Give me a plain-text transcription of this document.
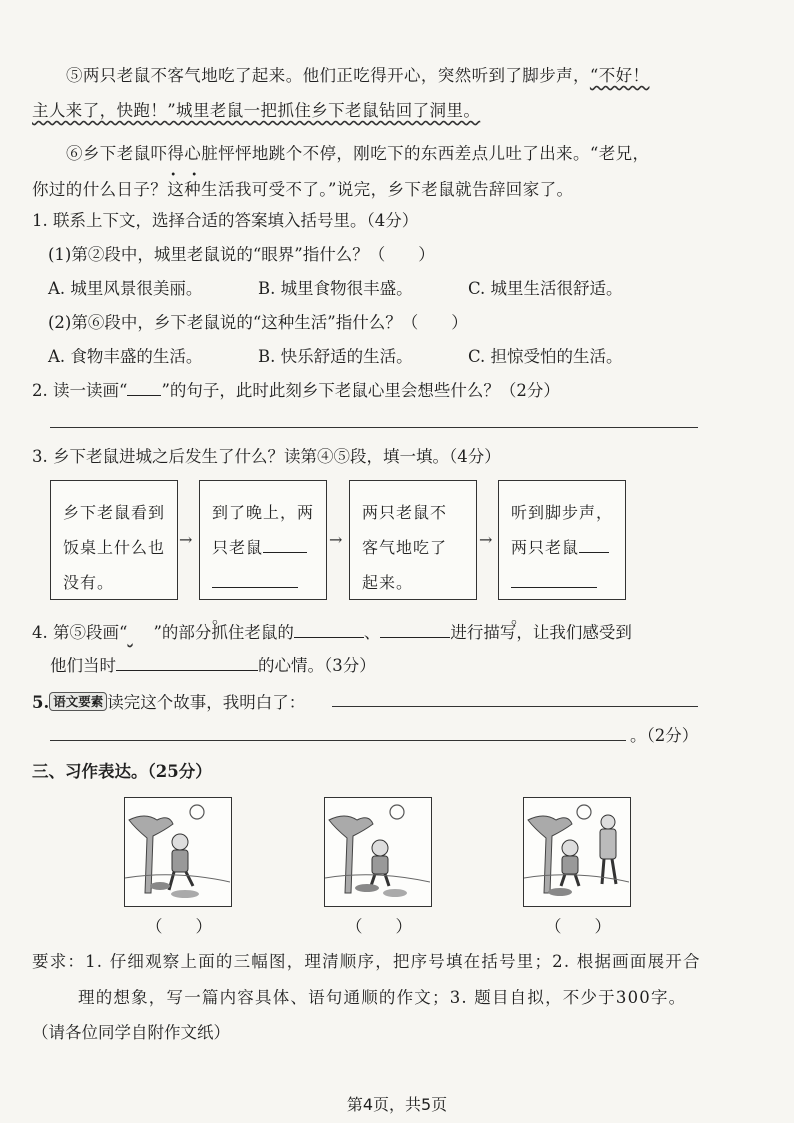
⑤两只老鼠不客气地吃了起来。他们正吃得开心，突然听到了脚步声，“不好！
主人来了，快跑！”城里老鼠一把抓住乡下老鼠钻回了洞里。
⑥乡下老鼠吓得心脏怦怦地跳个不停，刚吃下的东西差点儿吐了出来。“老兄，
你过的什么日子？• • 这种生活我可受不了。”说完，乡下老鼠就告辞回家了。
1. 联系上下文，选择合适的答案填入括号里。（4分）
(1)第②段中，城里老鼠说的“眼界”指什么？（　　）
A. 城里风景很美丽。	B. 城里食物很丰盛。	C. 城里生活很舒适。
(2)第⑥段中，乡下老鼠说的“这种生活”指什么？（　　）
A. 食物丰盛的生活。	B. 快乐舒适的生活。	C. 担惊受怕的生活。
2. 读一读画“ ”的句子，此时此刻乡下老鼠心里会想些什么？（2分）
3. 乡下老鼠进城之后发生了什么？读第④⑤段，填一填。（4分）
乡下老鼠看到
饭桌上什么也
没有。
→
到了晚上，两
只老鼠
。
→
两只老鼠不
客气地吃了
起来。
→
听到脚步声，
两只老鼠
。
4. 第⑤段画“ ”的部分抓住老鼠的	、	进行描写，让我们感受到
他们当时	的心情。（3分）
5. 语文要素 读完这个故事，我明白了：
。（2分）
三、习作表达。（25分）
（　　）	（　　）	（　　）
要求：1. 仔细观察上面的三幅图，理清顺序，把序号填在括号里；2. 根据画面展开合
理的想象，写一篇内容具体、语句通顺的作文；3. 题目自拟，不少于300字。
（请各位同学自附作文纸）
第4页，共5页
